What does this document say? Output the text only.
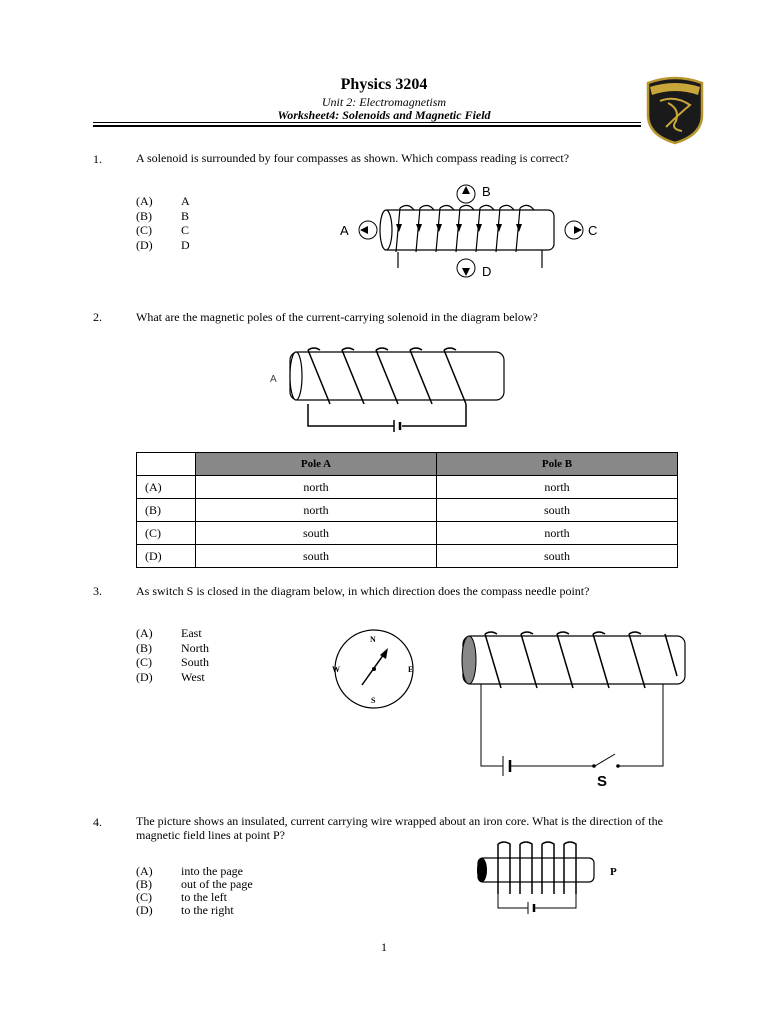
Physics 3204
Unit 2: Electromagnetism
Worksheet4: Solenoids and Magnetic Field
1.	A solenoid is surrounded by four compasses as shown. Which compass reading is correct?
(A)	A
(B)	B
(C)	C
(D)	D
A
B
C
D
2.	What are the magnetic poles of the current-carrying solenoid in the diagram below?
A
	Pole A	Pole B
(A)	north	north
(B)	north	south
(C)	south	north
(D)	south	south
3.	As switch S is closed in the diagram below, in which direction does the compass needle point?
(A)	East
(B)	North
(C)	South
(D)	West
N
E
S
W
S
4.	The picture shows an insulated, current carrying wire wrapped about an iron core. What is the direction of the magnetic field lines at point P?
(A)	into the page
(B)	out of the page
(C)	to the left
(D)	to the right
P
1
